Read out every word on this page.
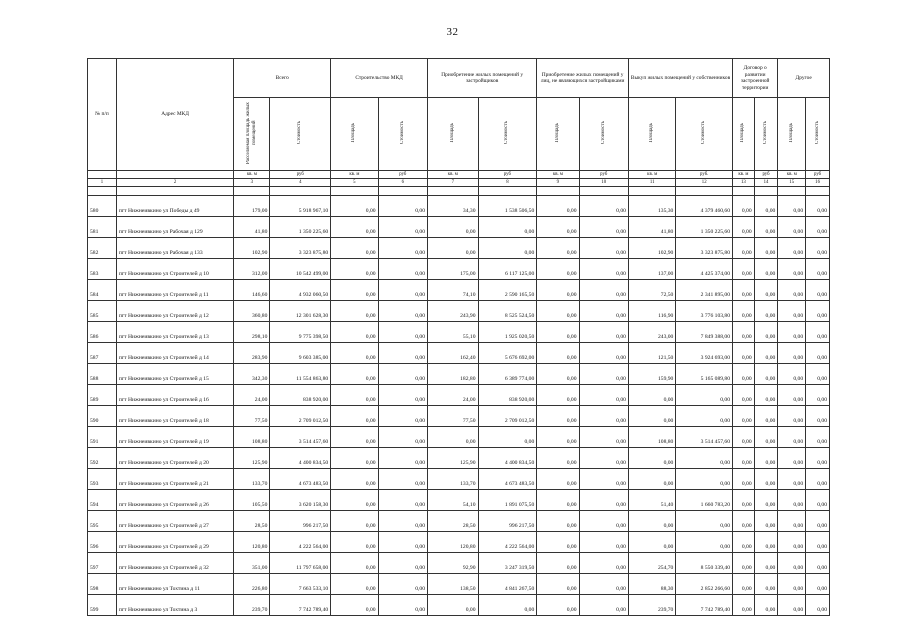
32
№ п/п	Адрес МКД	Всего		Строительство МКД		Приобретение жилых помещений у застройщиков		Приобретение жилых помещений у лиц, не являющихся застройщиками		Выкуп жилых помещений у собственников		Договор о развитии застроенной территории		Другое	
		Расселяемая площадь жилых помещений	Стоимость	Площадь	Стоимость	Площадь	Стоимость	Площадь	Стоимость	Площадь	Стоимость	Площадь	Стоимость	Площадь	Стоимость
		кв. м	руб	кв. м	руб	кв. м	руб	кв. м	руб	кв. м	руб.	кв. м	руб	кв. м	руб
1	2	3	4	5	6	7	8	9	10	11	12	13	14	15	16

580	пгт Нижнеивкино ул Победы д 49	179,00	5 918 967,10	0,00	0,00	34,30	1 538 506,50	0,00	0,00	135,30	4 379 460,60	0,00	0,00	0,00	0,00
581	пгт Нижнеивкино ул Рабочая д 129	41,80	1 350 225,60	0,00	0,00	0,00	0,00	0,00	0,00	41,80	1 350 225,60	0,00	0,00	0,00	0,00
582	пгт Нижнеивкино ул Рабочая д 133	102,90	3 323 875,80	0,00	0,00	0,00	0,00	0,00	0,00	102,90	3 323 875,80	0,00	0,00	0,00	0,00
583	пгт Нижнеивкино ул Строителей д 10	312,00	10 542 499,00	0,00	0,00	175,00	6 117 125,00	0,00	0,00	137,00	4 425 374,00	0,00	0,00	0,00	0,00
584	пгт Нижнеивкино ул Строителей д 11	146,60	4 932 060,50	0,00	0,00	74,10	2 590 165,50	0,00	0,00	72,50	2 341 895,00	0,00	0,00	0,00	0,00
585	пгт Нижнеивкино ул Строителей д 12	360,80	12 301 628,30	0,00	0,00	243,90	8 525 524,50	0,00	0,00	116,90	3 776 103,80	0,00	0,00	0,00	0,00
586	пгт Нижнеивкино ул Строителей д 13	298,10	9 775 398,50	0,00	0,00	55,10	1 925 020,50	0,00	0,00	243,00	7 849 388,00	0,00	0,00	0,00	0,00
587	пгт Нижнеивкино ул Строителей д 14	283,90	9 603 385,00	0,00	0,00	162,40	5 676 692,00	0,00	0,00	121,50	3 924 693,00	0,00	0,00	0,00	0,00
588	пгт Нижнеивкино ул Строителей д 15	342,30	11 554 863,80	0,00	0,00	182,80	6 389 774,00	0,00	0,00	159,90	5 165 089,80	0,00	0,00	0,00	0,00
589	пгт Нижнеивкино ул Строителей д 16	24,00	838 920,00	0,00	0,00	24,00	838 920,00	0,00	0,00	0,00	0,00	0,00	0,00	0,00	0,00
590	пгт Нижнеивкино ул Строителей д 18	77,50	2 709 012,50	0,00	0,00	77,50	2 709 012,50	0,00	0,00	0,00	0,00	0,00	0,00	0,00	0,00
591	пгт Нижнеивкино ул Строителей д 19	108,80	3 514 457,60	0,00	0,00	0,00	0,00	0,00	0,00	108,80	3 514 457,60	0,00	0,00	0,00	0,00
592	пгт Нижнеивкино ул Строителей д 20	125,90	4 400 834,50	0,00	0,00	125,90	4 400 834,50	0,00	0,00	0,00	0,00	0,00	0,00	0,00	0,00
593	пгт Нижнеивкино ул Строителей д 21	133,70	4 673 483,50	0,00	0,00	133,70	4 673 483,50	0,00	0,00	0,00	0,00	0,00	0,00	0,00	0,00
594	пгт Нижнеивкино ул Строителей д 26	105,50	3 620 158,30	0,00	0,00	54,10	1 891 075,50	0,00	0,00	51,40	1 660 783,20	0,00	0,00	0,00	0,00
595	пгт Нижнеивкино ул Строителей д 27	28,50	996 217,50	0,00	0,00	28,50	996 217,50	0,00	0,00	0,00	0,00	0,00	0,00	0,00	0,00
596	пгт Нижнеивкино ул Строителей д 29	120,80	4 222 564,00	0,00	0,00	120,80	4 222 564,00	0,00	0,00	0,00	0,00	0,00	0,00	0,00	0,00
597	пгт Нижнеивкино ул Строителей д 32	351,00	11 797 658,00	0,00	0,00	92,90	3 247 319,50	0,00	0,00	254,70	8 550 339,40	0,00	0,00	0,00	0,00
598	пгт Нижнеивкино ул Тохтина д 11	226,80	7 663 533,10	0,00	0,00	138,50	4 841 267,50	0,00	0,00	88,30	2 852 266,60	0,00	0,00	0,00	0,00
599	пгт Нижнеивкино ул Тохтина д 3	239,70	7 742 789,40	0,00	0,00	0,00	0,00	0,00	0,00	239,70	7 742 789,40	0,00	0,00	0,00	0,00
